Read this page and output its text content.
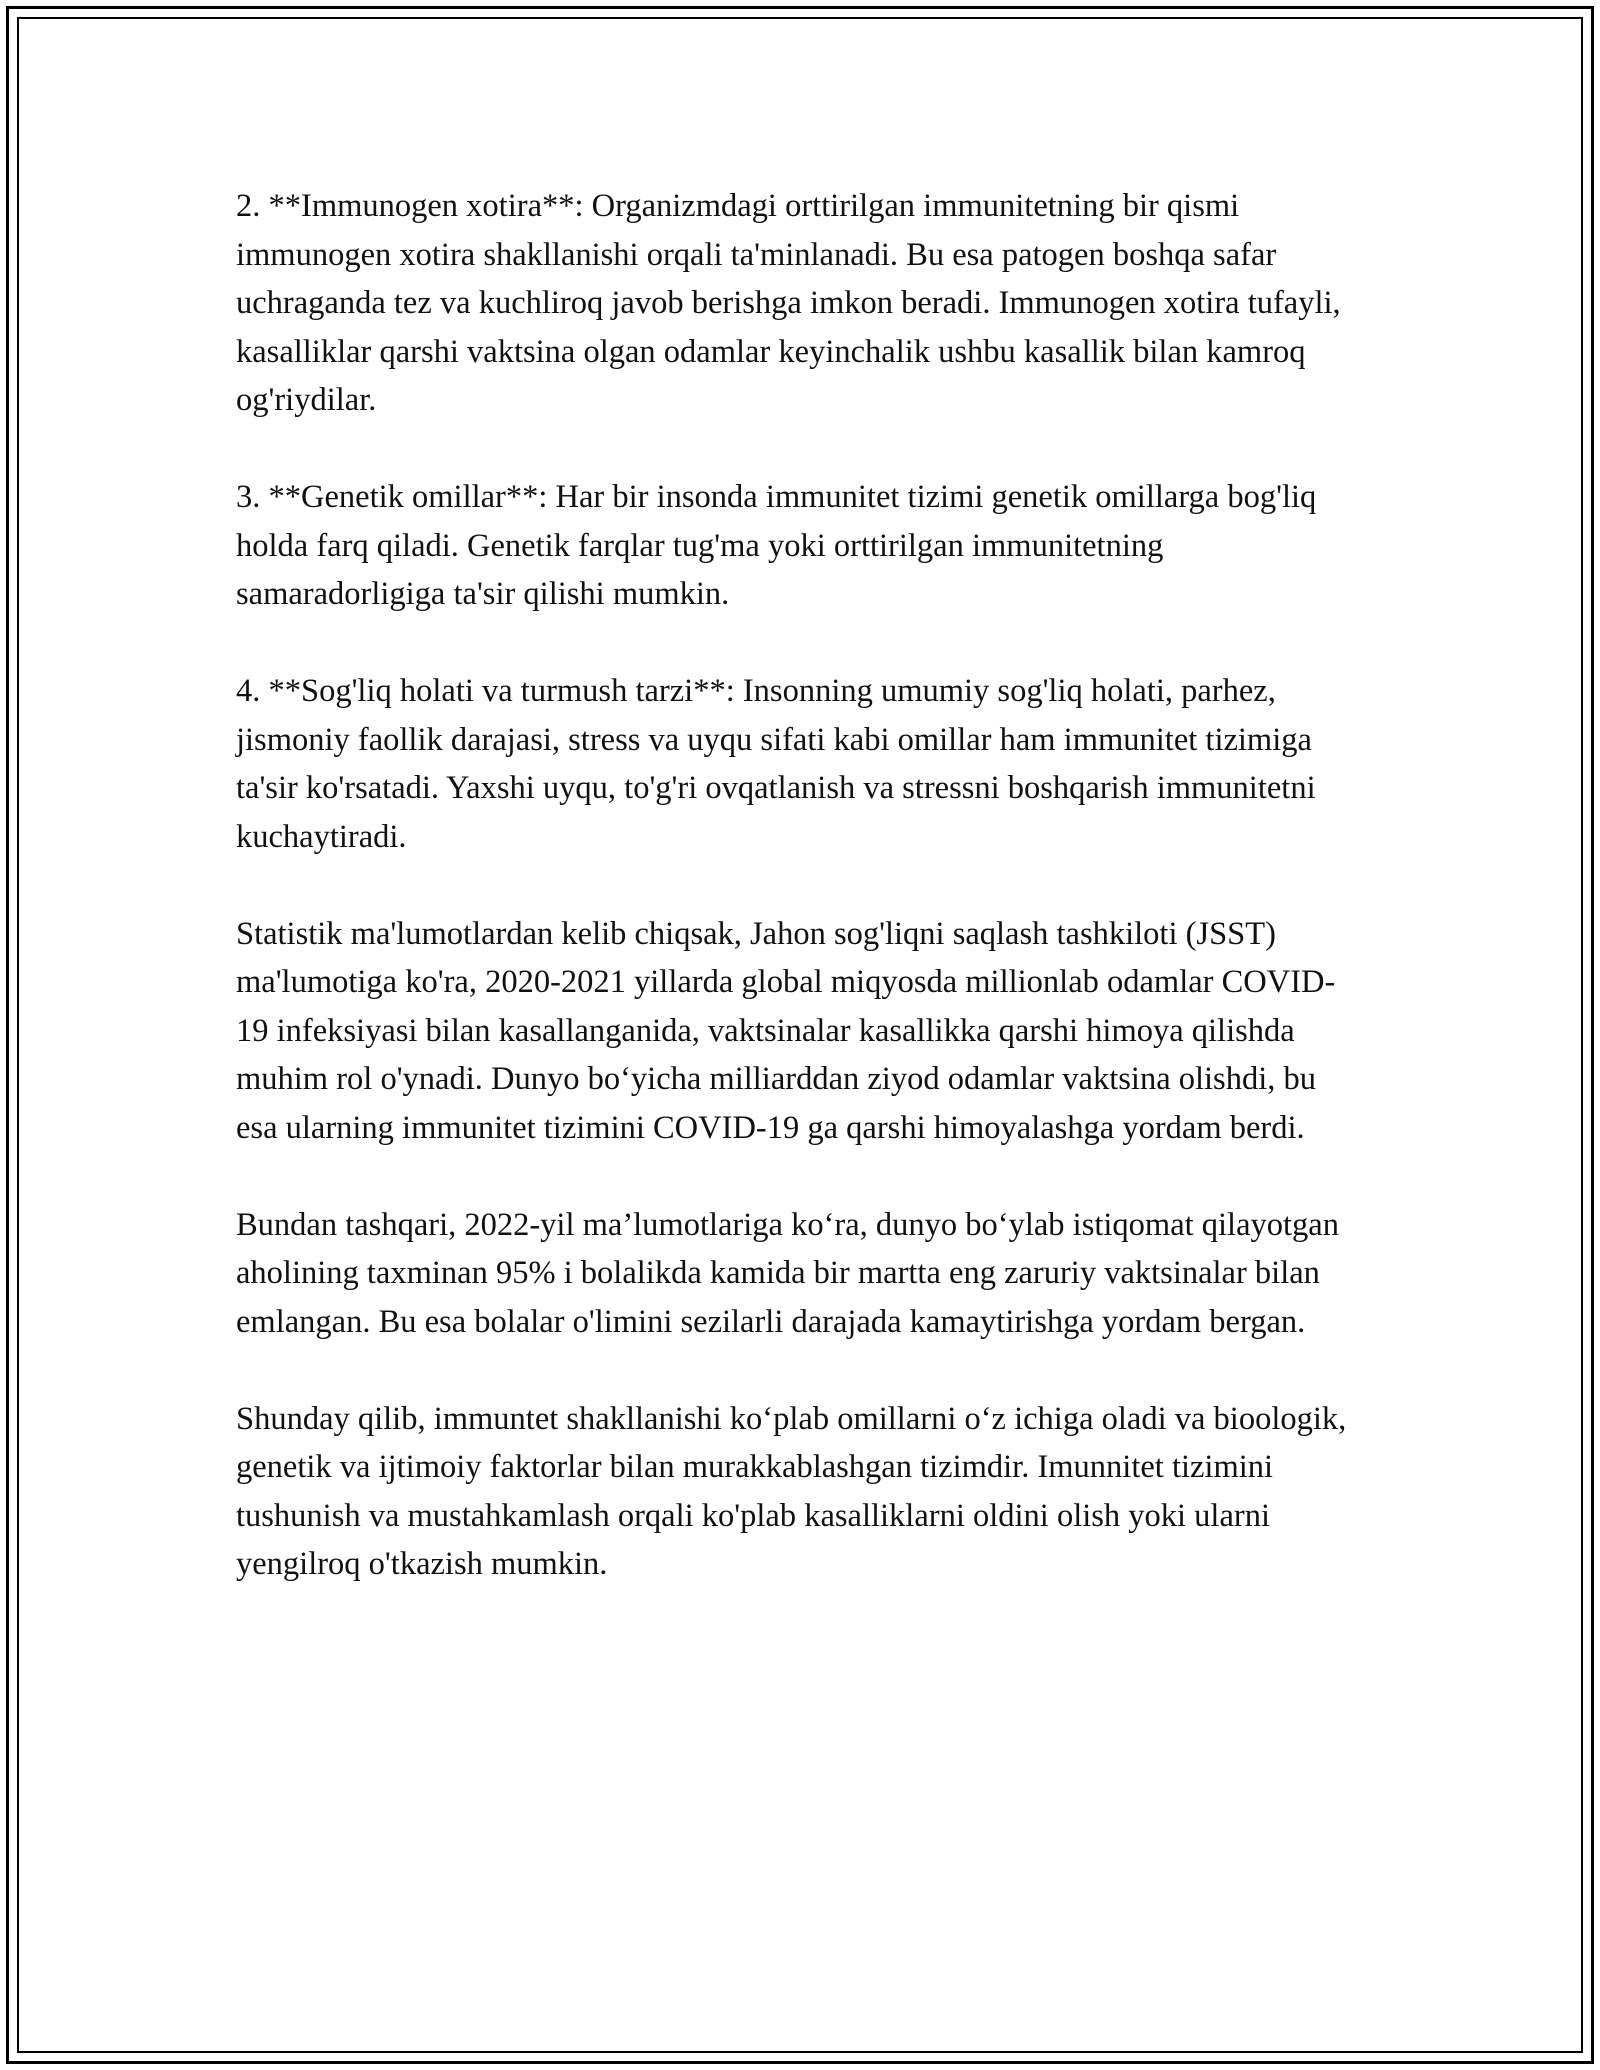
2. **Immunogen xotira**: Organizmdagi orttirilgan immunitetning bir qismi immunogen xotira shakllanishi orqali ta'minlanadi. Bu esa patogen boshqa safar uchraganda tez va kuchliroq javob berishga imkon beradi. Immunogen xotira tufayli, kasalliklar qarshi vaktsina olgan odamlar keyinchalik ushbu kasallik bilan kamroq og'riydilar.

3. **Genetik omillar**: Har bir insonda immunitet tizimi genetik omillarga bog'liq holda farq qiladi. Genetik farqlar tug'ma yoki orttirilgan immunitetning samaradorligiga ta'sir qilishi mumkin.

4. **Sog'liq holati va turmush tarzi**: Insonning umumiy sog'liq holati, parhez, jismoniy faollik darajasi, stress va uyqu sifati kabi omillar ham immunitet tizimiga ta'sir ko'rsatadi. Yaxshi uyqu, to'g'ri ovqatlanish va stressni boshqarish immunitetni kuchaytiradi.

Statistik ma'lumotlardan kelib chiqsak, Jahon sog'liqni saqlash tashkiloti (JSST) ma'lumotiga ko'ra, 2020-2021 yillarda global miqyosda millionlab odamlar COVID-19 infeksiyasi bilan kasallanganida, vaktsinalar kasallikka qarshi himoya qilishda muhim rol o'ynadi. Dunyo bo‘yicha milliarddan ziyod odamlar vaktsina olishdi, bu esa ularning immunitet tizimini COVID-19 ga qarshi himoyalashga yordam berdi.

Bundan tashqari, 2022-yil ma’lumotlariga ko‘ra, dunyo bo‘ylab istiqomat qilayotgan aholining taxminan 95% i bolalikda kamida bir martta eng zaruriy vaktsinalar bilan emlangan. Bu esa bolalar o'limini sezilarli darajada kamaytirishga yordam bergan.

Shunday qilib, immuntet shakllanishi ko‘plab omillarni o‘z ichiga oladi va bioologik, genetik va ijtimoiy faktorlar bilan murakkablashgan tizimdir. Imunnitet tizimini tushunish va mustahkamlash orqali ko'plab kasalliklarni oldini olish yoki ularni yengilroq o'tkazish mumkin.
